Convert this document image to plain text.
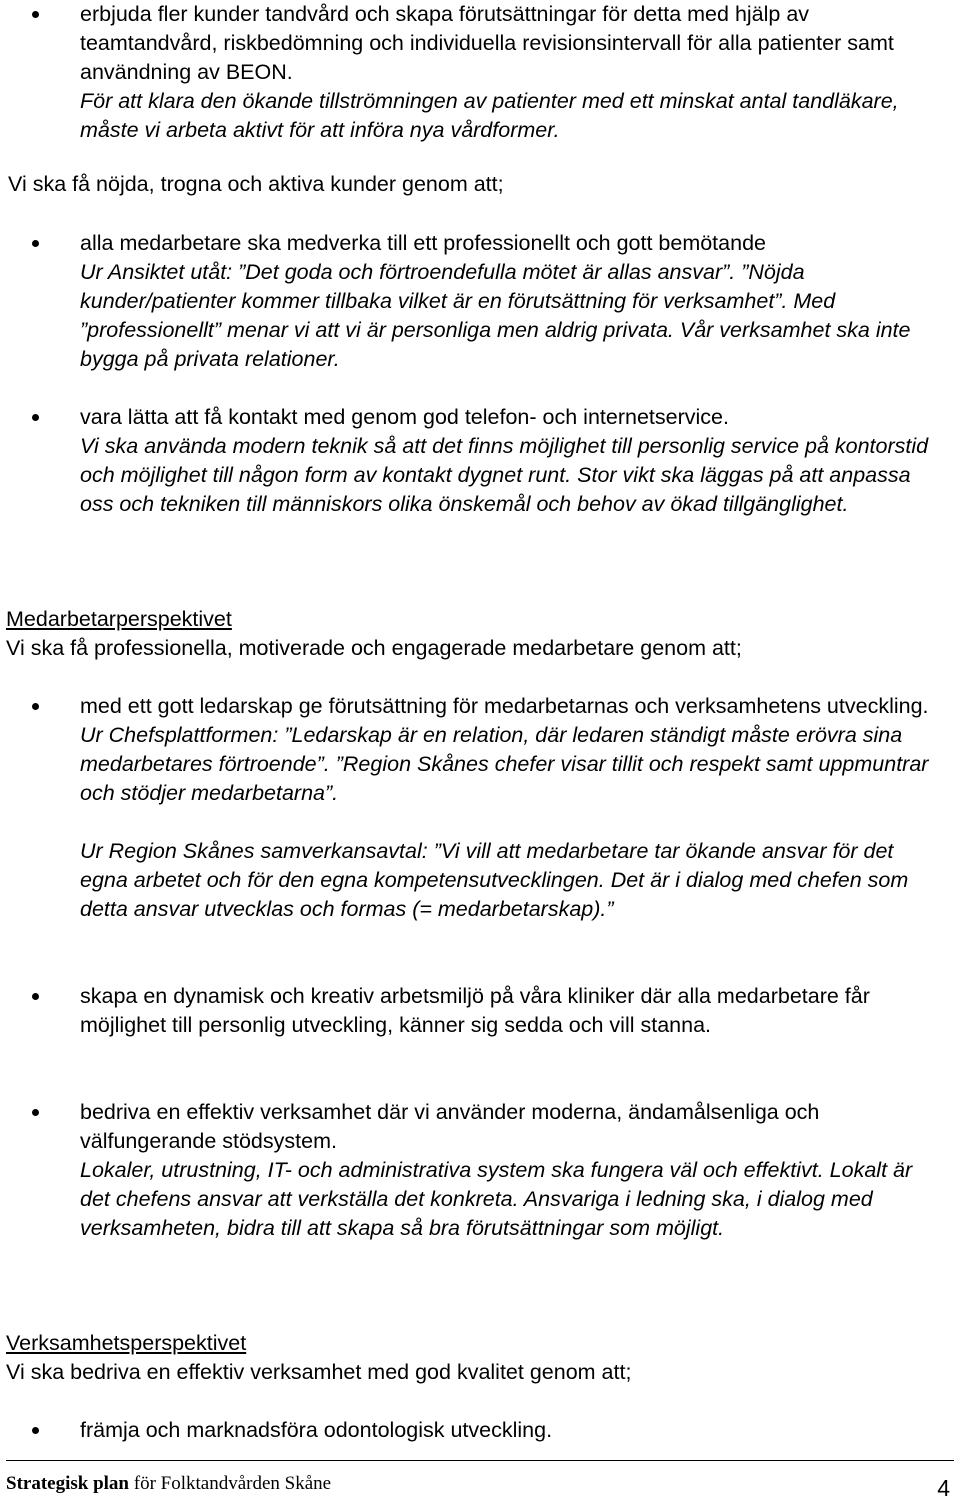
erbjuda fler kunder tandvård och skapa förutsättningar för detta med hjälp av teamtandvård, riskbedömning och individuella revisionsintervall för alla patienter samt användning av BEON.

För att klara den ökande tillströmningen av patienter med ett minskat antal tandläkare, måste vi arbeta aktivt för att införa nya vårdformer.

Vi ska få nöjda, trogna och aktiva kunder genom att;

alla medarbetare ska medverka till ett professionellt och gott bemötande

Ur Ansiktet utåt: ”Det goda och förtroendefulla mötet är allas ansvar”. ”Nöjda kunder/patienter kommer tillbaka vilket är en förutsättning för verksamhet”. Med ”professionellt” menar vi att vi är personliga men aldrig privata. Vår verksamhet ska inte bygga på privata relationer.

vara lätta att få kontakt med genom god telefon- och internetservice.

Vi ska använda modern teknik så att det finns möjlighet till personlig service på kontorstid och möjlighet till någon form av kontakt dygnet runt. Stor vikt ska läggas på att anpassa oss och tekniken till människors olika önskemål och behov av ökad tillgänglighet.

Medarbetarperspektivet

Vi ska få professionella, motiverade och engagerade medarbetare genom att;

med ett gott ledarskap ge förutsättning för medarbetarnas och verksamhetens utveckling.

Ur Chefsplattformen: ”Ledarskap är en relation, där ledaren ständigt måste erövra sina medarbetares förtroende”. ”Region Skånes chefer visar tillit och respekt samt uppmuntrar och stödjer medarbetarna”.

Ur Region Skånes samverkansavtal: ”Vi vill att medarbetare tar ökande ansvar för det egna arbetet och för den egna kompetensutvecklingen. Det är i dialog med chefen som detta ansvar utvecklas och formas (= medarbetarskap).”

skapa en dynamisk och kreativ arbetsmiljö på våra kliniker där alla medarbetare får möjlighet till personlig utveckling, känner sig sedda och vill stanna.

bedriva en effektiv verksamhet där vi använder moderna, ändamålsenliga och välfungerande stödsystem.

Lokaler, utrustning, IT- och administrativa system ska fungera väl och effektivt. Lokalt är det chefens ansvar att verkställa det konkreta. Ansvariga i ledning ska, i dialog med verksamheten, bidra till att skapa så bra förutsättningar som möjligt.

Verksamhetsperspektivet

Vi ska bedriva en effektiv verksamhet med god kvalitet genom att;

främja och marknadsföra odontologisk utveckling.

Strategisk plan för Folktandvården Skåne	4
